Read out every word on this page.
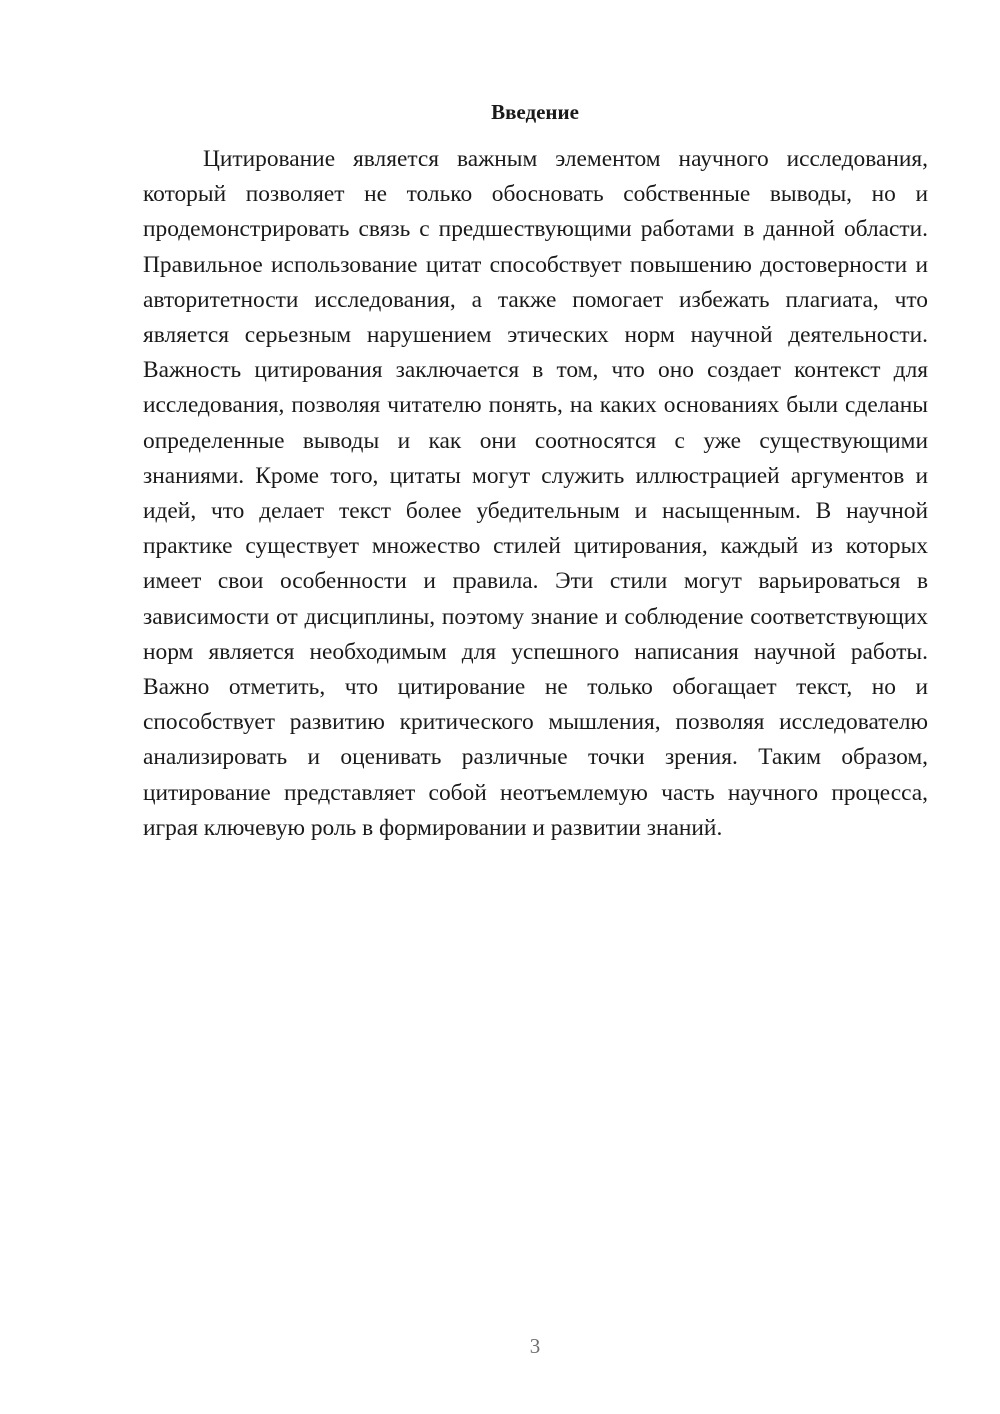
Введение

Цитирование является важным элементом научного исследования, который позволяет не только обосновать собственные выводы, но и продемонстрировать связь с предшествующими работами в данной области. Правильное использование цитат способствует повышению достоверности и авторитетности исследования, а также помогает избежать плагиата, что является серьезным нарушением этических норм научной деятельности. Важность цитирования заключается в том, что оно создает контекст для исследования, позволяя читателю понять, на каких основаниях были сделаны определенные выводы и как они соотносятся с уже существующими знаниями. Кроме того, цитаты могут служить иллюстрацией аргументов и идей, что делает текст более убедительным и насыщенным. В научной практике существует множество стилей цитирования, каждый из которых имеет свои особенности и правила. Эти стили могут варьироваться в зависимости от дисциплины, поэтому знание и соблюдение соответствующих норм является необходимым для успешного написания научной работы. Важно отметить, что цитирование не только обогащает текст, но и способствует развитию критического мышления, позволяя исследователю анализировать и оценивать различные точки зрения. Таким образом, цитирование представляет собой неотъемлемую часть научного процесса, играя ключевую роль в формировании и развитии знаний.

3
